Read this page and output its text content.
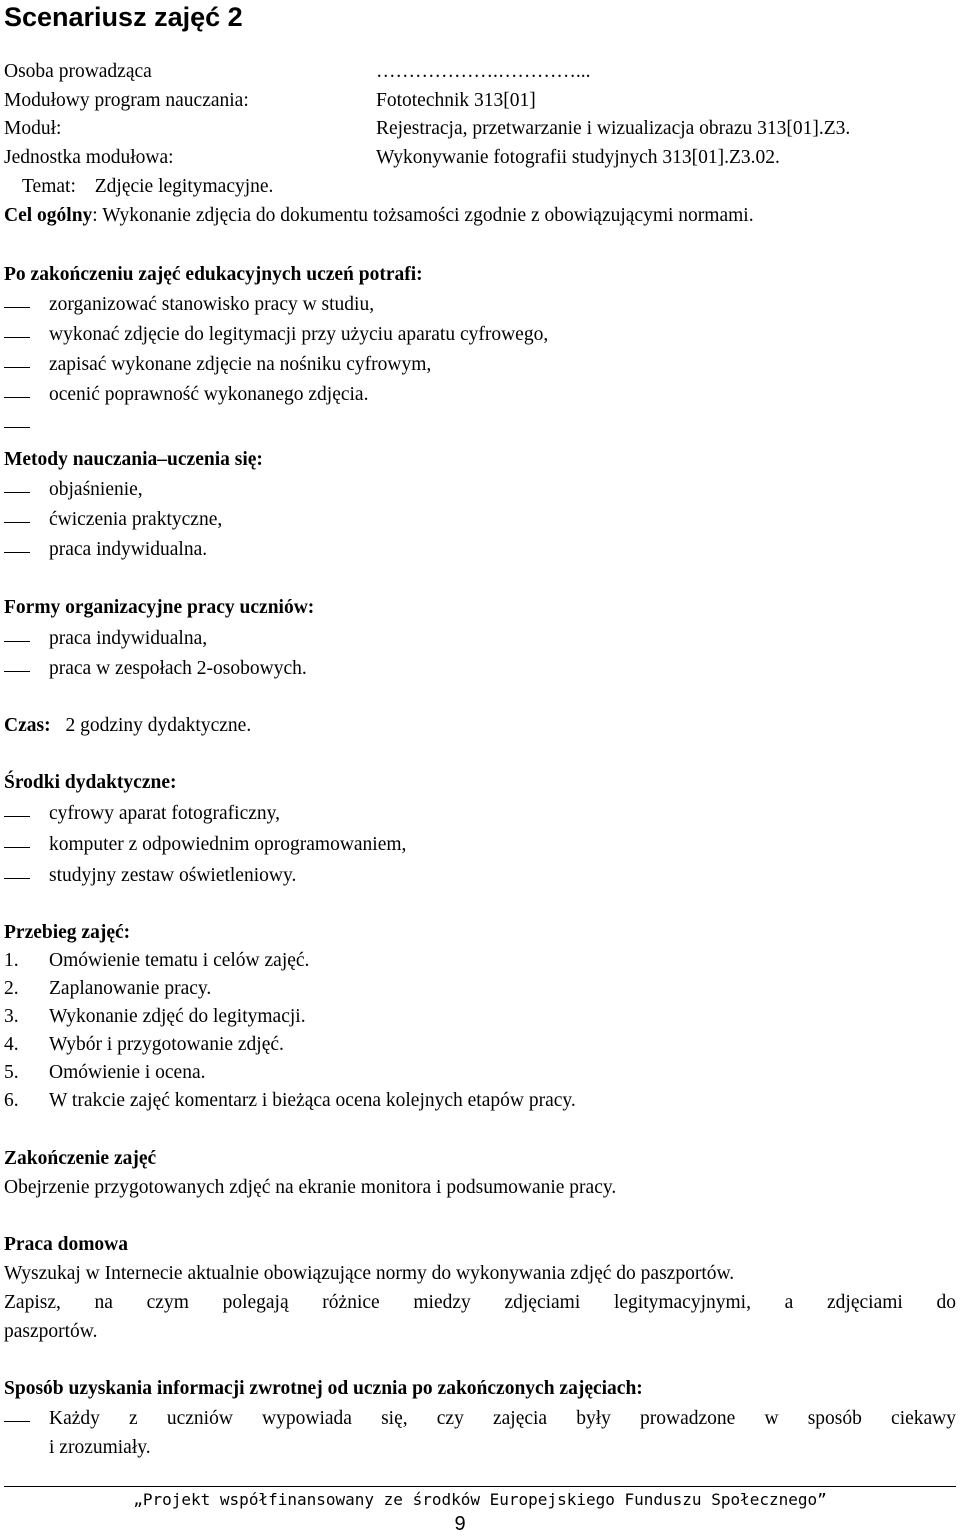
Scenariusz zajęć 2
Osoba prowadząca	……………….…………...
Modułowy program nauczania:	Fototechnik 313[01]
Moduł:	Rejestracja, przetwarzanie i wizualizacja obrazu 313[01].Z3.
Jednostka modułowa:	Wykonywanie fotografii studyjnych 313[01].Z3.02.
Temat: Zdjęcie legitymacyjne.
Cel ogólny: Wykonanie zdjęcia do dokumentu tożsamości zgodnie z obowiązującymi normami.
Po zakończeniu zajęć edukacyjnych uczeń potrafi:
zorganizować stanowisko pracy w studiu,
wykonać zdjęcie do legitymacji przy użyciu aparatu cyfrowego,
zapisać wykonane zdjęcie na nośniku cyfrowym,
ocenić poprawność wykonanego zdjęcia.
Metody nauczania–uczenia się:
objaśnienie,
ćwiczenia praktyczne,
praca indywidualna.
Formy organizacyjne pracy uczniów:
praca indywidualna,
praca w zespołach 2-osobowych.
Czas: 2 godziny dydaktyczne.
Środki dydaktyczne:
cyfrowy aparat fotograficzny,
komputer z odpowiednim oprogramowaniem,
studyjny zestaw oświetleniowy.
Przebieg zajęć:
1. Omówienie tematu i celów zajęć.
2. Zaplanowanie pracy.
3. Wykonanie zdjęć do legitymacji.
4. Wybór i przygotowanie zdjęć.
5. Omówienie i ocena.
6. W trakcie zajęć komentarz i bieżąca ocena kolejnych etapów pracy.
Zakończenie zajęć
Obejrzenie przygotowanych zdjęć na ekranie monitora i podsumowanie pracy.
Praca domowa
Wyszukaj w Internecie aktualnie obowiązujące normy do wykonywania zdjęć do paszportów.
Zapisz, na czym polegają różnice miedzy zdjęciami legitymacyjnymi, a zdjęciami do
paszportów.
Sposób uzyskania informacji zwrotnej od ucznia po zakończonych zajęciach:
Każdy z uczniów wypowiada się, czy zajęcia były prowadzone w sposób ciekawy
i zrozumiały.
„Projekt współfinansowany ze środków Europejskiego Funduszu Społecznego”
9
